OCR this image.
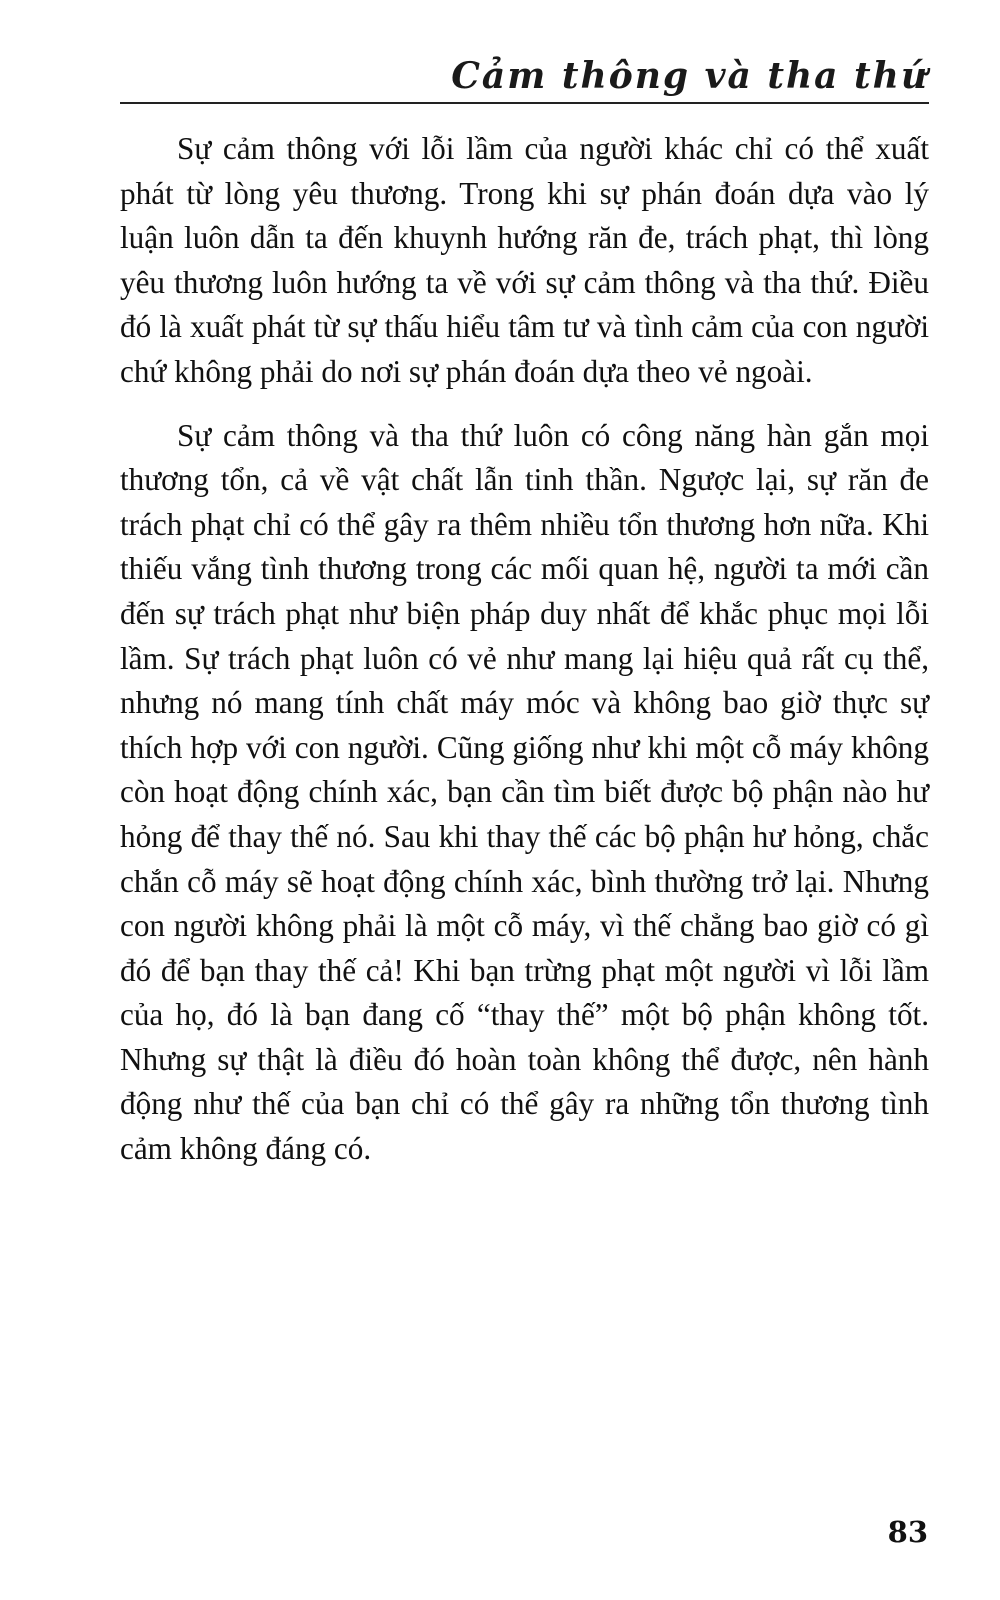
Cảm thông và tha thứ

Sự cảm thông với lỗi lầm của người khác chỉ có thể xuất phát từ lòng yêu thương. Trong khi sự phán đoán dựa vào lý luận luôn dẫn ta đến khuynh hướng răn đe, trách phạt, thì lòng yêu thương luôn hướng ta về với sự cảm thông và tha thứ. Điều đó là xuất phát từ sự thấu hiểu tâm tư và tình cảm của con người chứ không phải do nơi sự phán đoán dựa theo vẻ ngoài.

Sự cảm thông và tha thứ luôn có công năng hàn gắn mọi thương tổn, cả về vật chất lẫn tinh thần. Ngược lại, sự răn đe trách phạt chỉ có thể gây ra thêm nhiều tổn thương hơn nữa. Khi thiếu vắng tình thương trong các mối quan hệ, người ta mới cần đến sự trách phạt như biện pháp duy nhất để khắc phục mọi lỗi lầm. Sự trách phạt luôn có vẻ như mang lại hiệu quả rất cụ thể, nhưng nó mang tính chất máy móc và không bao giờ thực sự thích hợp với con người. Cũng giống như khi một cỗ máy không còn hoạt động chính xác, bạn cần tìm biết được bộ phận nào hư hỏng để thay thế nó. Sau khi thay thế các bộ phận hư hỏng, chắc chắn cỗ máy sẽ hoạt động chính xác, bình thường trở lại. Nhưng con người không phải là một cỗ máy, vì thế chẳng bao giờ có gì đó để bạn thay thế cả! Khi bạn trừng phạt một người vì lỗi lầm của họ, đó là bạn đang cố “thay thế” một bộ phận không tốt. Nhưng sự thật là điều đó hoàn toàn không thể được, nên hành động như thế của bạn chỉ có thể gây ra những tổn thương tình cảm không đáng có.

83
